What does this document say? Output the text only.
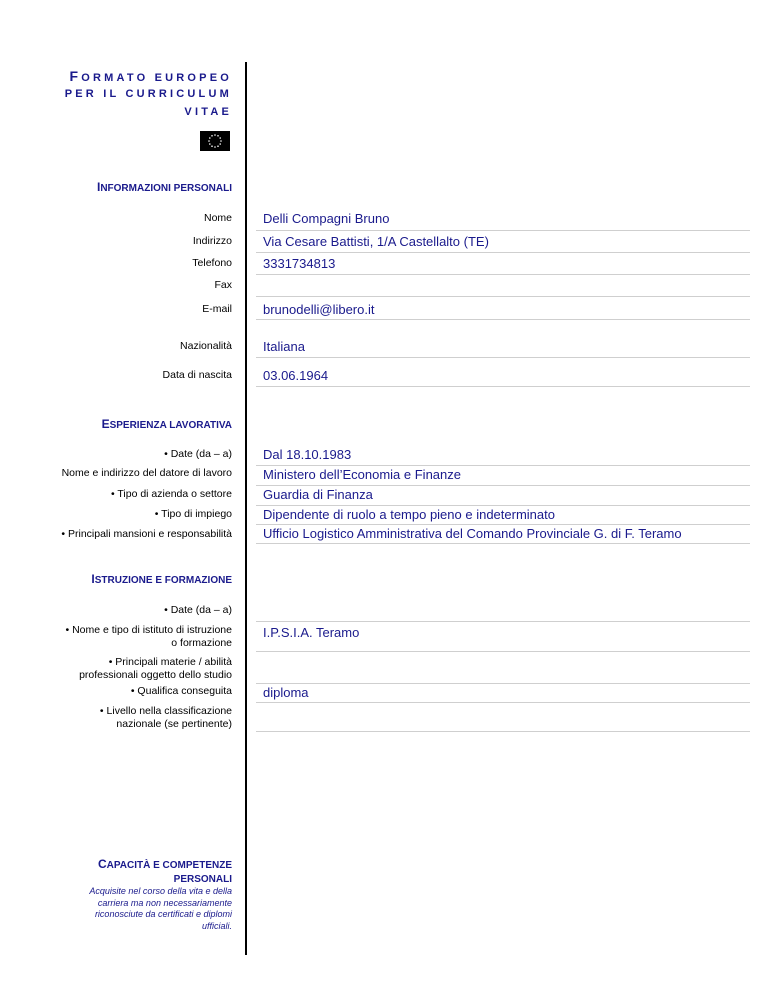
FORMATO EUROPEO
PER IL CURRICULUM
VITAE
INFORMAZIONI PERSONALI
Nome Delli Compagni Bruno
Indirizzo Via Cesare Battisti, 1/A Castellalto (TE)
Telefono 3331734813
Fax
E-mail brunodelli@libero.it
Nazionalità Italiana
Data di nascita 03.06.1964
ESPERIENZA LAVORATIVA
• Date (da – a) Dal 18.10.1983
Nome e indirizzo del datore di lavoro Ministero dell’Economia e Finanze
• Tipo di azienda o settore Guardia di Finanza
• Tipo di impiego Dipendente di ruolo a tempo pieno e indeterminato
• Principali mansioni e responsabilità Ufficio Logistico Amministrativa del Comando Provinciale G. di F. Teramo
ISTRUZIONE E FORMAZIONE
• Date (da – a)
• Nome e tipo di istituto di istruzione
o formazione
I.P.S.I.A. Teramo
• Principali materie / abilità
professionali oggetto dello studio
• Qualifica conseguita diploma
• Livello nella classificazione
nazionale (se pertinente)
CAPACITÀ E COMPETENZE
PERSONALI
Acquisite nel corso della vita e della
carriera ma non necessariamente
riconosciute da certificati e diplomi
ufficiali.
